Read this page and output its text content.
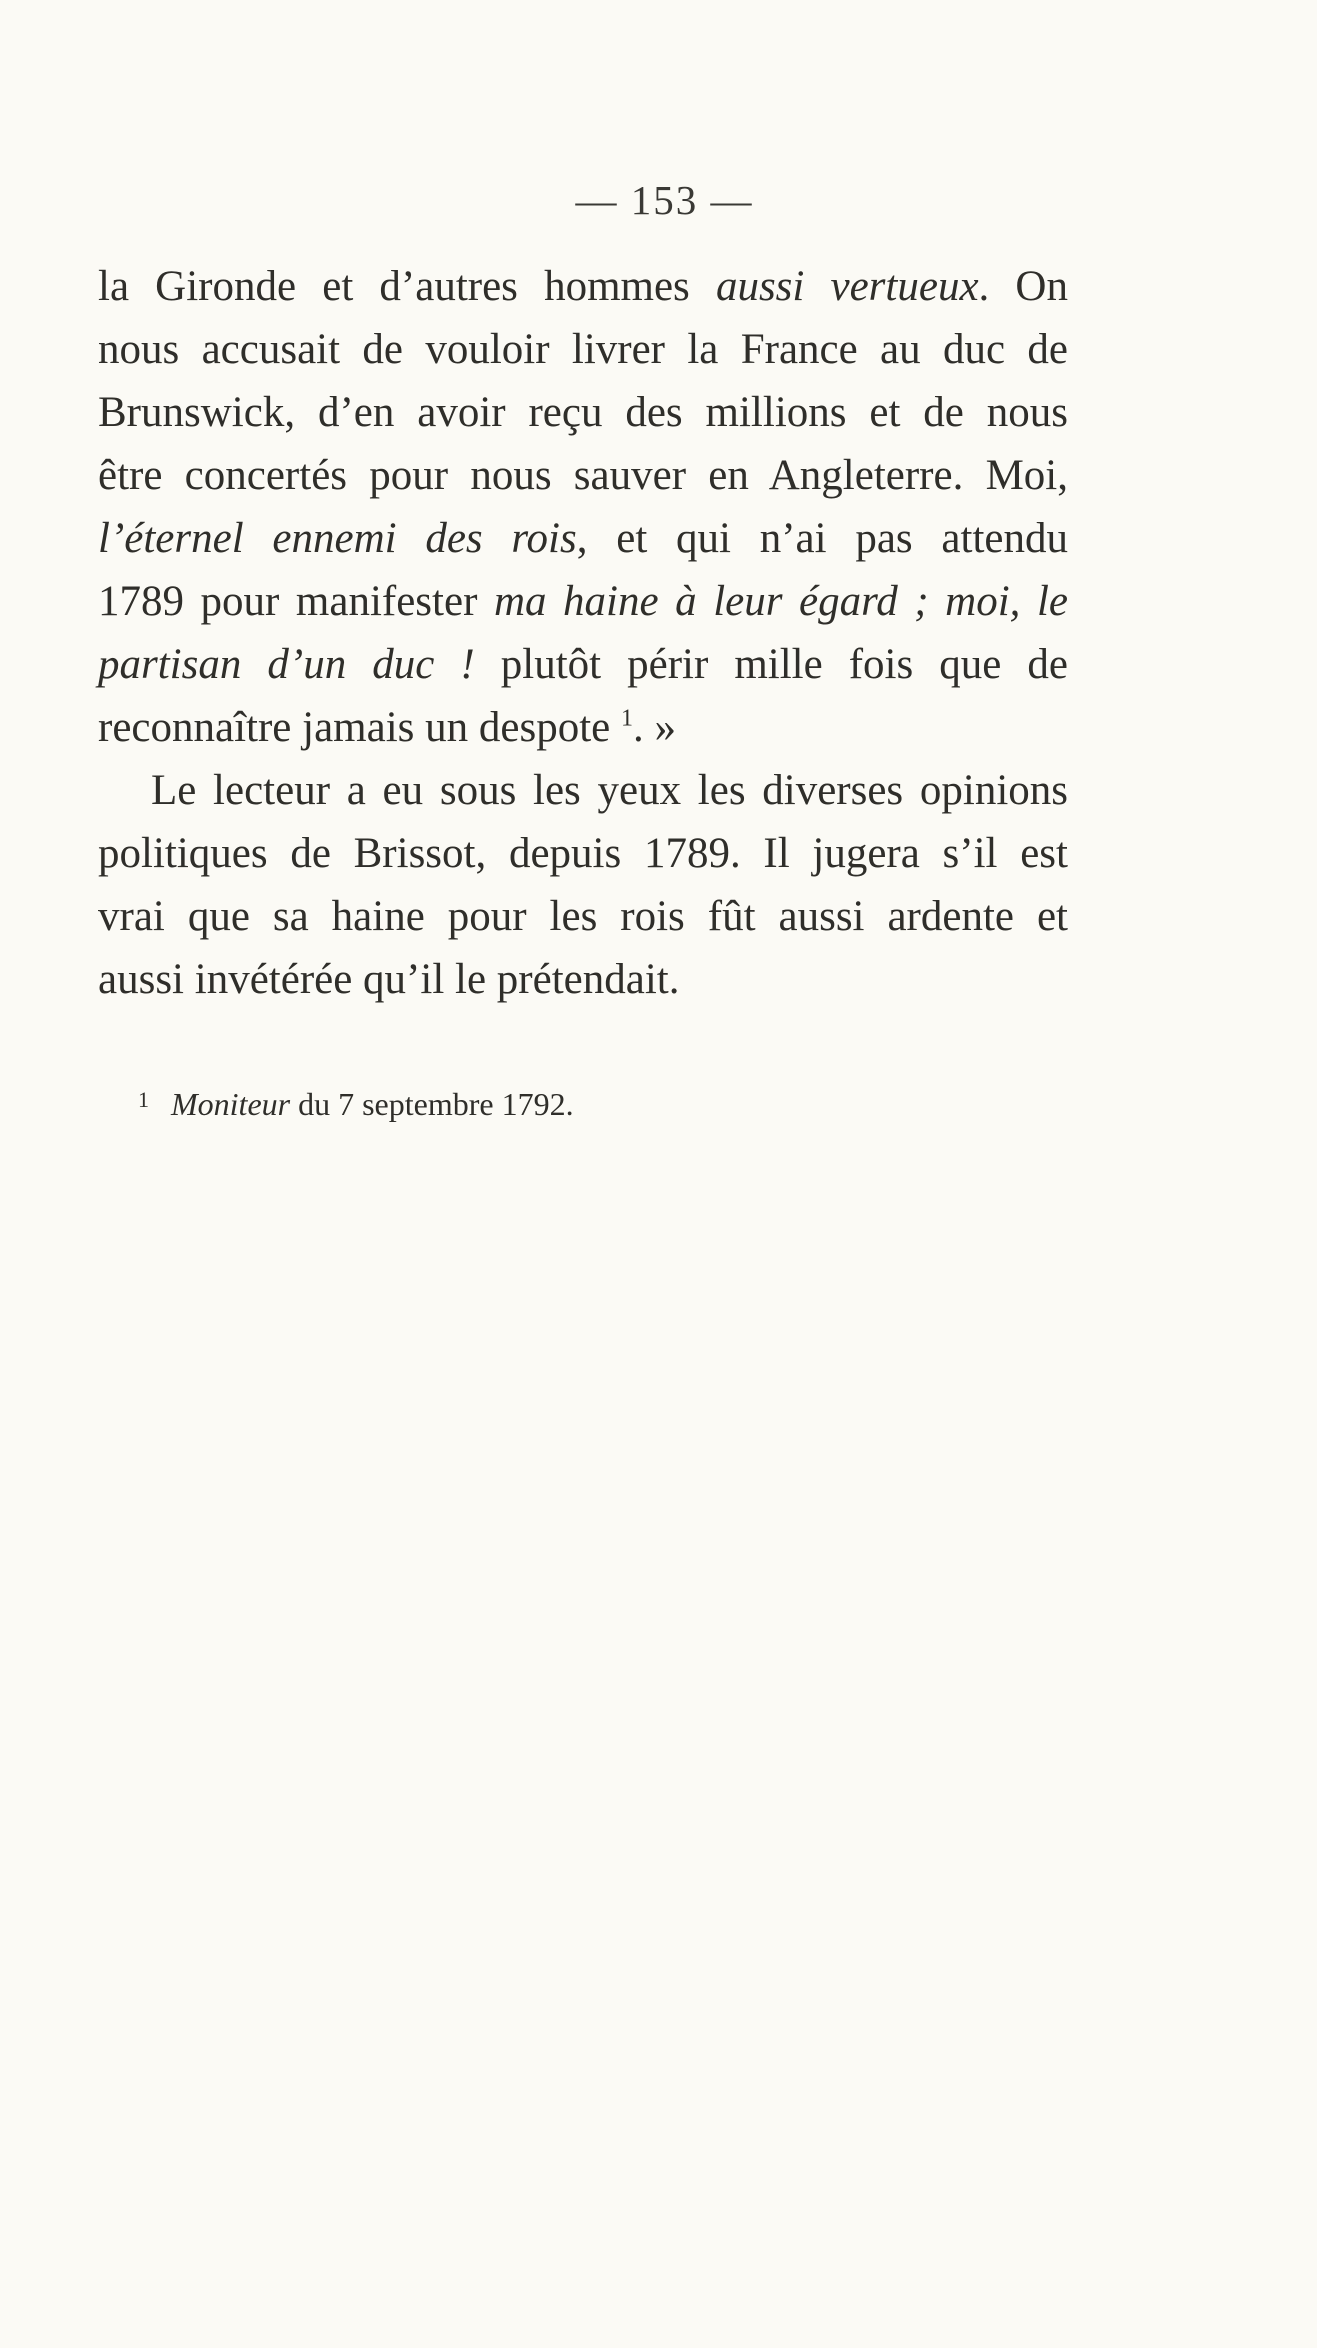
— 153 —
la Gironde et d’autres hommes aussi vertueux. On
nous accusait de vouloir livrer la France au duc de
Brunswick, d’en avoir reçu des millions et de nous
être concertés pour nous sauver en Angleterre. Moi,
l’éternel ennemi des rois, et qui n’ai pas attendu
1789 pour manifester ma haine à leur égard ; moi, le
partisan d’un duc ! plutôt périr mille fois que de
reconnaître jamais un despote $^1$. »
Le lecteur a eu sous les yeux les diverses opinions
politiques de Brissot, depuis 1789. Il jugera s’il est
vrai que sa haine pour les rois fût aussi ardente et
aussi invétérée qu’il le prétendait.
$^1$ Moniteur du 7 septembre 1792.
